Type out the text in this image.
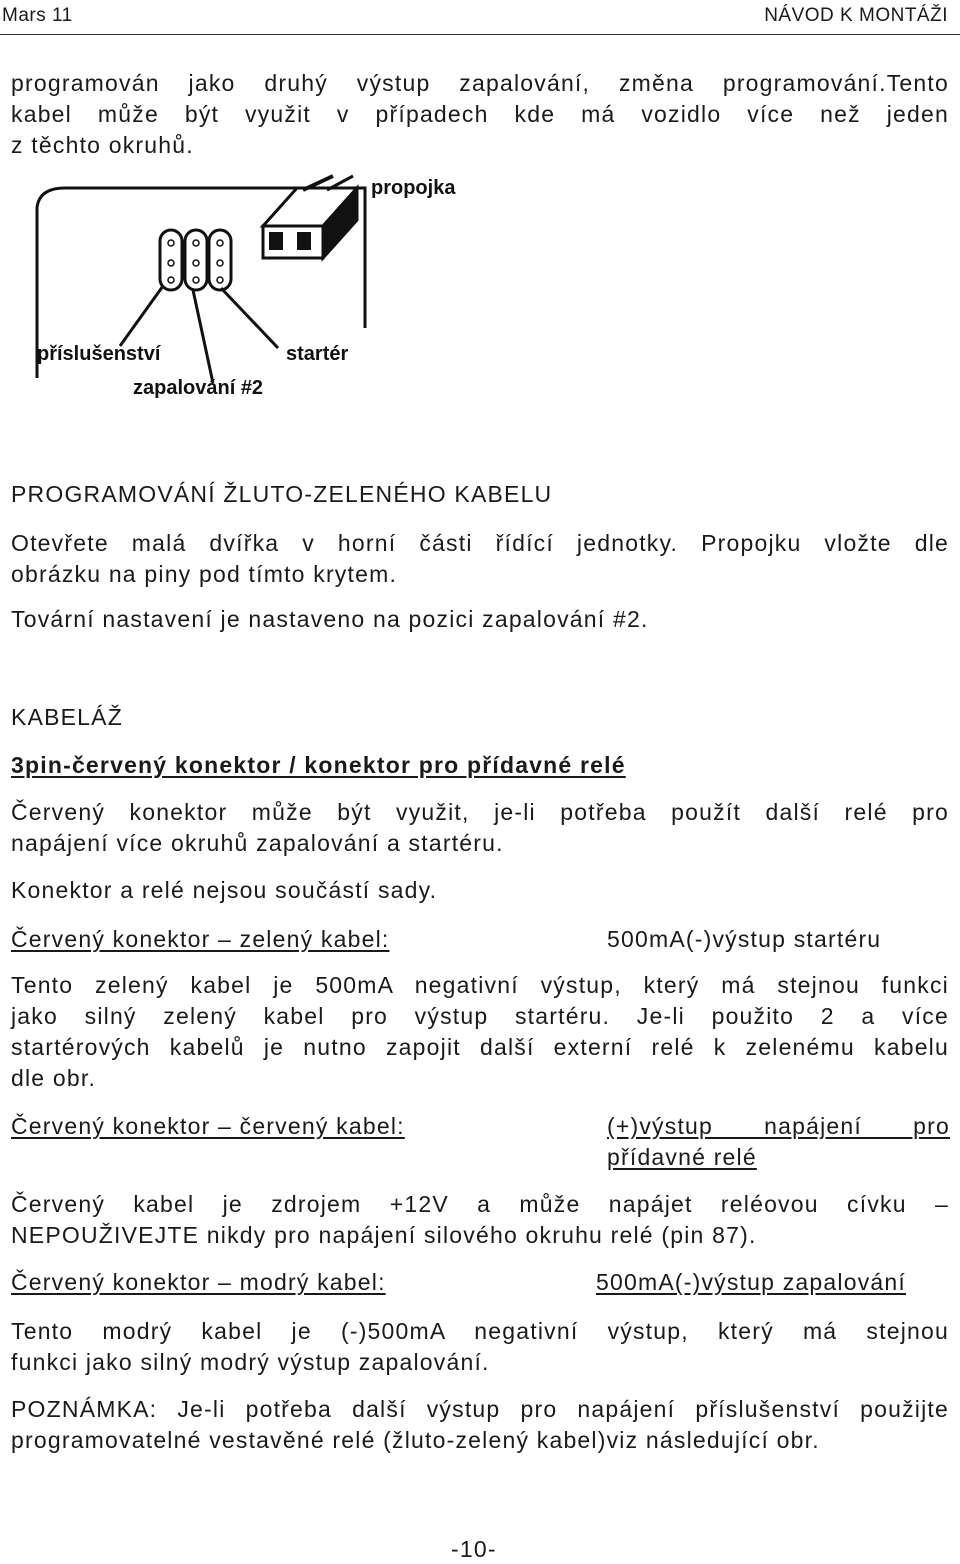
Mars 11	NÁVOD K MONTÁŽI
programován jako druhý výstup zapalování, změna programování.Tento
kabel může být využit v případech kde má vozidlo více než jeden
z těchto okruhů.
propojka
příslušenství	startér
zapalování #2
PROGRAMOVÁNÍ ŽLUTO-ZELENÉHO KABELU
Otevřete malá dvířka v horní části řídící jednotky. Propojku vložte dle
obrázku na piny pod tímto krytem.
Tovární nastavení je nastaveno na pozici zapalování #2.
KABELÁŽ
3pin-červený konektor / konektor pro přídavné relé
Červený konektor může být využit, je-li potřeba použít další relé pro
napájení více okruhů zapalování a startéru.
Konektor a relé nejsou součástí sady.
Červený konektor – zelený kabel:	500mA(-)výstup startéru
Tento zelený kabel je 500mA negativní výstup, který má stejnou funkci
jako silný zelený kabel pro výstup startéru. Je-li použito 2 a více
startérových kabelů je nutno zapojit další externí relé k zelenému kabelu
dle obr.
Červený konektor – červený kabel:	(+)výstup napájení pro
přídavné relé
Červený kabel je zdrojem +12V a může napájet reléovou cívku –
NEPOUŽIVEJTE nikdy pro napájení silového okruhu relé (pin 87).
Červený konektor – modrý kabel:	500mA(-)výstup zapalování
Tento modrý kabel je (-)500mA negativní výstup, který má stejnou
funkci jako silný modrý výstup zapalování.
POZNÁMKA: Je-li potřeba další výstup pro napájení příslušenství použijte
programovatelné vestavěné relé (žluto-zelený kabel)viz následující obr.
-10-
